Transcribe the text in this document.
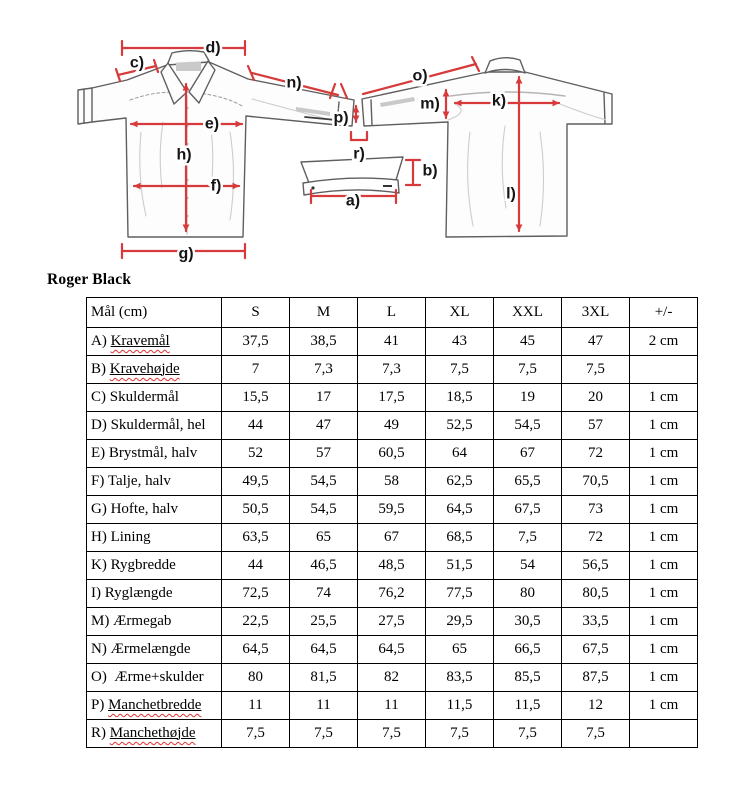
d)
c)
e)
h)
f)
g)
n)	o)
p)
r)
m)	k)
l)
a)
b)
Roger Black
Mål (cm)	S	M	L	XL	XXL	3XL	+/-
A) Kravemål	37,5	38,5	41	43	45	47	2 cm
B) Kravehøjde	7	7,3	7,3	7,5	7,5	7,5	
C) Skuldermål	15,5	17	17,5	18,5	19	20	1 cm
D) Skuldermål, hel	44	47	49	52,5	54,5	57	1 cm
E) Brystmål, halv	52	57	60,5	64	67	72	1 cm
F) Talje, halv	49,5	54,5	58	62,5	65,5	70,5	1 cm
G) Hofte, halv	50,5	54,5	59,5	64,5	67,5	73	1 cm
H) Lining	63,5	65	67	68,5	7,5	72	1 cm
K) Rygbredde	44	46,5	48,5	51,5	54	56,5	1 cm
I) Ryglængde	72,5	74	76,2	77,5	80	80,5	1 cm
M) Ærmegab	22,5	25,5	27,5	29,5	30,5	33,5	1 cm
N) Ærmelængde	64,5	64,5	64,5	65	66,5	67,5	1 cm
O)  Ærme+skulder	80	81,5	82	83,5	85,5	87,5	1 cm
P) Manchetbredde	11	11	11	11,5	11,5	12	1 cm
R) Manchethøjde	7,5	7,5	7,5	7,5	7,5	7,5	
